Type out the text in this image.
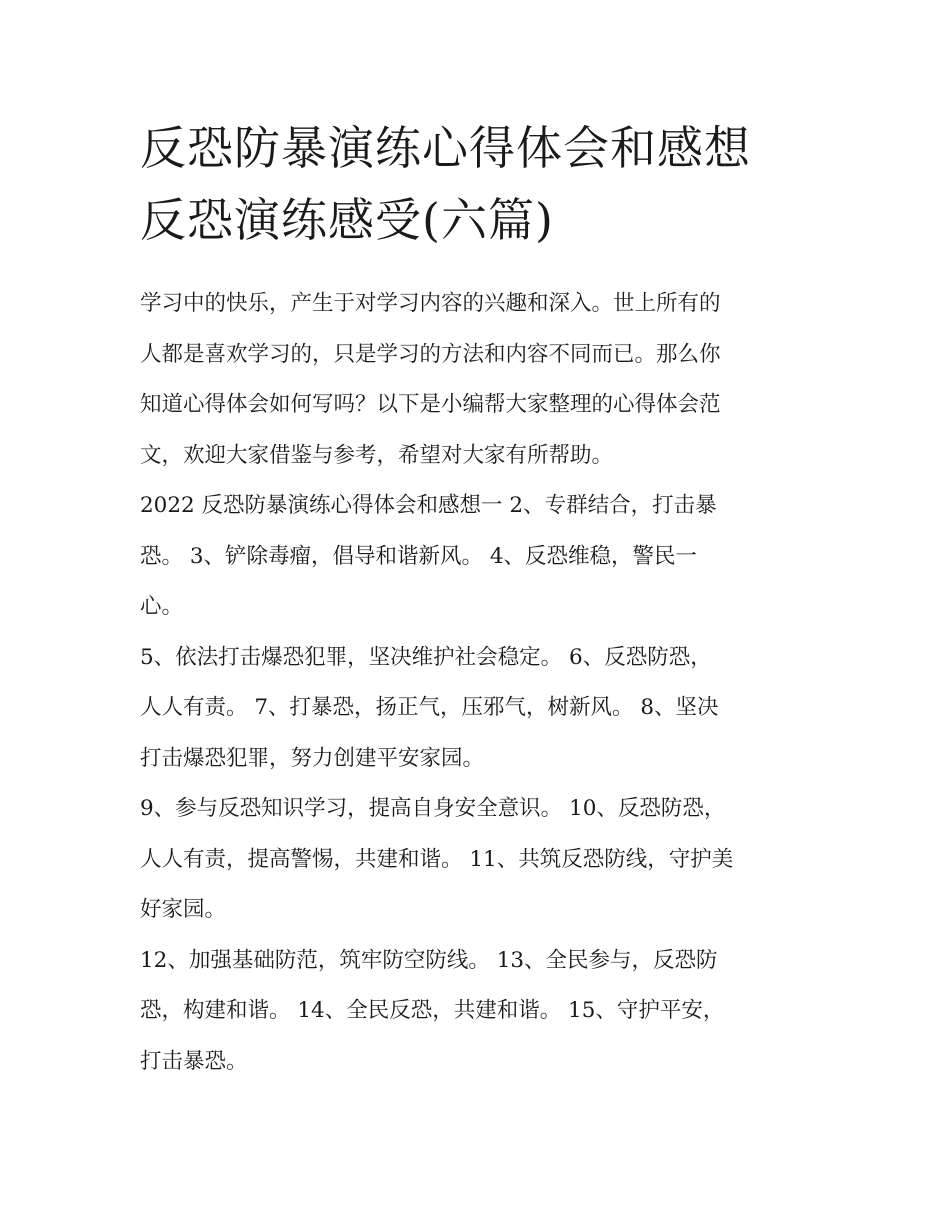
反恐防暴演练心得体会和感想
反恐演练感受(六篇)

学习中的快乐，产生于对学习内容的兴趣和深入。世上所有的
人都是喜欢学习的，只是学习的方法和内容不同而已。那么你
知道心得体会如何写吗？以下是小编帮大家整理的心得体会范
文，欢迎大家借鉴与参考，希望对大家有所帮助。

2022 反恐防暴演练心得体会和感想一 2、专群结合，打击暴
恐。 3、铲除毒瘤，倡导和谐新风。 4、反恐维稳，警民一
心。

5、依法打击爆恐犯罪，坚决维护社会稳定。 6、反恐防恐，
人人有责。 7、打暴恐，扬正气，压邪气，树新风。 8、坚决
打击爆恐犯罪，努力创建平安家园。

9、参与反恐知识学习，提高自身安全意识。 10、反恐防恐，
人人有责，提高警惕，共建和谐。 11、共筑反恐防线，守护美
好家园。

12、加强基础防范，筑牢防空防线。 13、全民参与，反恐防
恐，构建和谐。 14、全民反恐，共建和谐。 15、守护平安，
打击暴恐。
